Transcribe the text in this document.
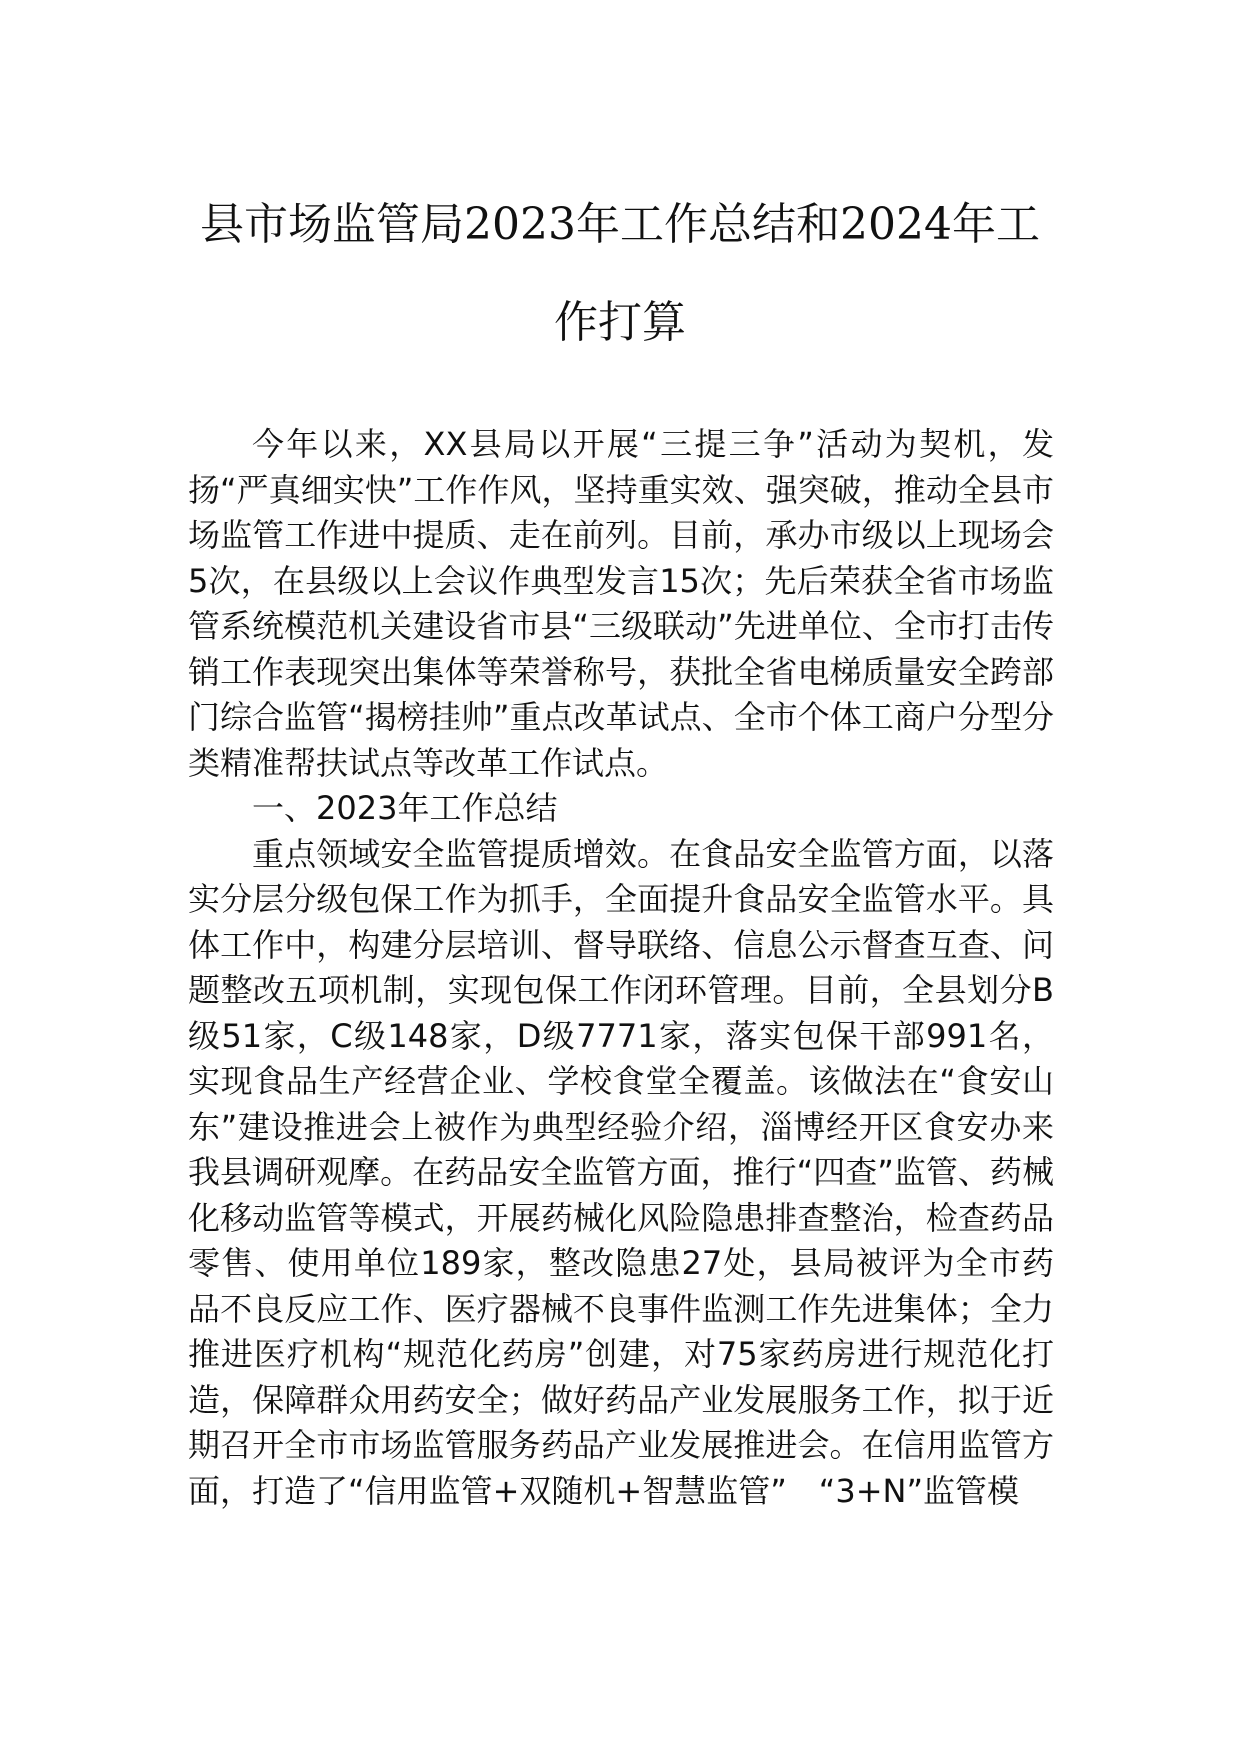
县市场监管局2023年工作总结和2024年工
作打算

今年以来，XX县局以开展“三提三争”活动为契机，发扬“严真细实快”工作作风，坚持重实效、强突破，推动全县市场监管工作进中提质、走在前列。目前，承办市级以上现场会5次，在县级以上会议作典型发言15次；先后荣获全省市场监管系统模范机关建设省市县“三级联动”先进单位、全市打击传销工作表现突出集体等荣誉称号，获批全省电梯质量安全跨部门综合监管“揭榜挂帅”重点改革试点、全市个体工商户分型分类精准帮扶试点等改革工作试点。

一、2023年工作总结

重点领域安全监管提质增效。在食品安全监管方面，以落实分层分级包保工作为抓手，全面提升食品安全监管水平。具体工作中，构建分层培训、督导联络、信息公示督查互查、问题整改五项机制，实现包保工作闭环管理。目前，全县划分B级51家，C级148家，D级7771家，落实包保干部991名，实现食品生产经营企业、学校食堂全覆盖。该做法在“食安山东”建设推进会上被作为典型经验介绍，淄博经开区食安办来我县调研观摩。在药品安全监管方面，推行“四查”监管、药械化移动监管等模式，开展药械化风险隐患排查整治，检查药品零售、使用单位189家，整改隐患27处，县局被评为全市药品不良反应工作、医疗器械不良事件监测工作先进集体；全力推进医疗机构“规范化药房”创建，对75家药房进行规范化打造，保障群众用药安全；做好药品产业发展服务工作，拟于近期召开全市市场监管服务药品产业发展推进会。在信用监管方面，打造了“信用监管+双随机+智慧监管”　“3+N”监管模
